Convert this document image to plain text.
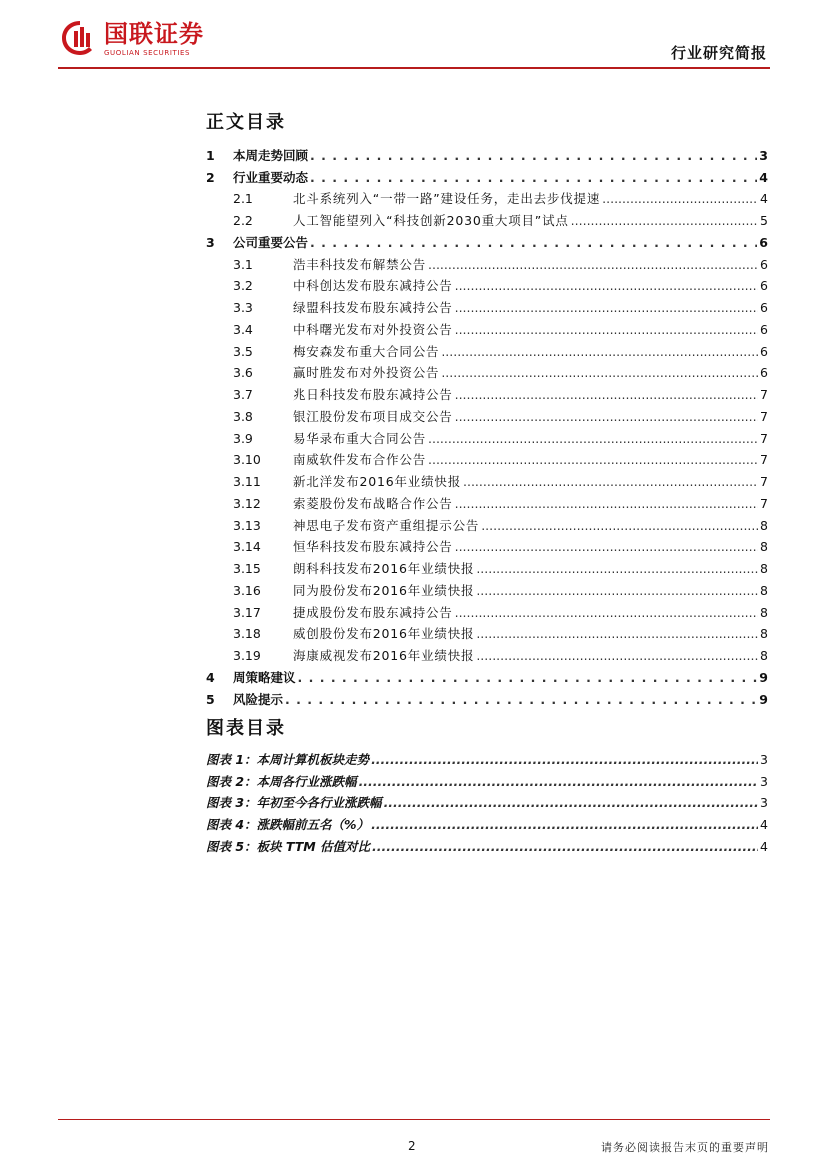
国联证券
GUOLIAN SECURITIES	行业研究简报
正文目录
1	本周走势回顾 . . .	3
2	行业重要动态 . . .	4
2.1	北斗系统列入“一带一路”建设任务，走出去步伐提速 .....	4
2.2	人工智能望列入“科技创新2030重大项目”试点 .....	5
3	公司重要公告 . . .	6
3.1	浩丰科技发布解禁公告 .....	6
3.2	中科创达发布股东减持公告 .....	6
3.3	绿盟科技发布股东减持公告 .....	6
3.4	中科曙光发布对外投资公告 .....	6
3.5	梅安森发布重大合同公告 .....	6
3.6	赢时胜发布对外投资公告 .....	6
3.7	兆日科技发布股东减持公告 .....	7
3.8	银江股份发布项目成交公告 .....	7
3.9	易华录布重大合同公告 .....	7
3.10	南威软件发布合作公告 .....	7
3.11	新北洋发布2016年业绩快报 .....	7
3.12	索菱股份发布战略合作公告 .....	7
3.13	神思电子发布资产重组提示公告 .....	8
3.14	恒华科技发布股东减持公告 .....	8
3.15	朗科科技发布2016年业绩快报 .....	8
3.16	同为股份发布2016年业绩快报 .....	8
3.17	捷成股份发布股东减持公告 .....	8
3.18	威创股份发布2016年业绩快报 .....	8
3.19	海康威视发布2016年业绩快报 .....	8
4	周策略建议 . . .	9
5	风险提示 . . .	9
图表目录
图表 1：本周计算机板块走势 .....	3
图表 2：本周各行业涨跌幅 .....	3
图表 3：年初至今各行业涨跌幅 .....	3
图表 4：涨跌幅前五名（%） .....	4
图表 5：板块 TTM 估值对比 .....	4
2	请务必阅读报告末页的重要声明
